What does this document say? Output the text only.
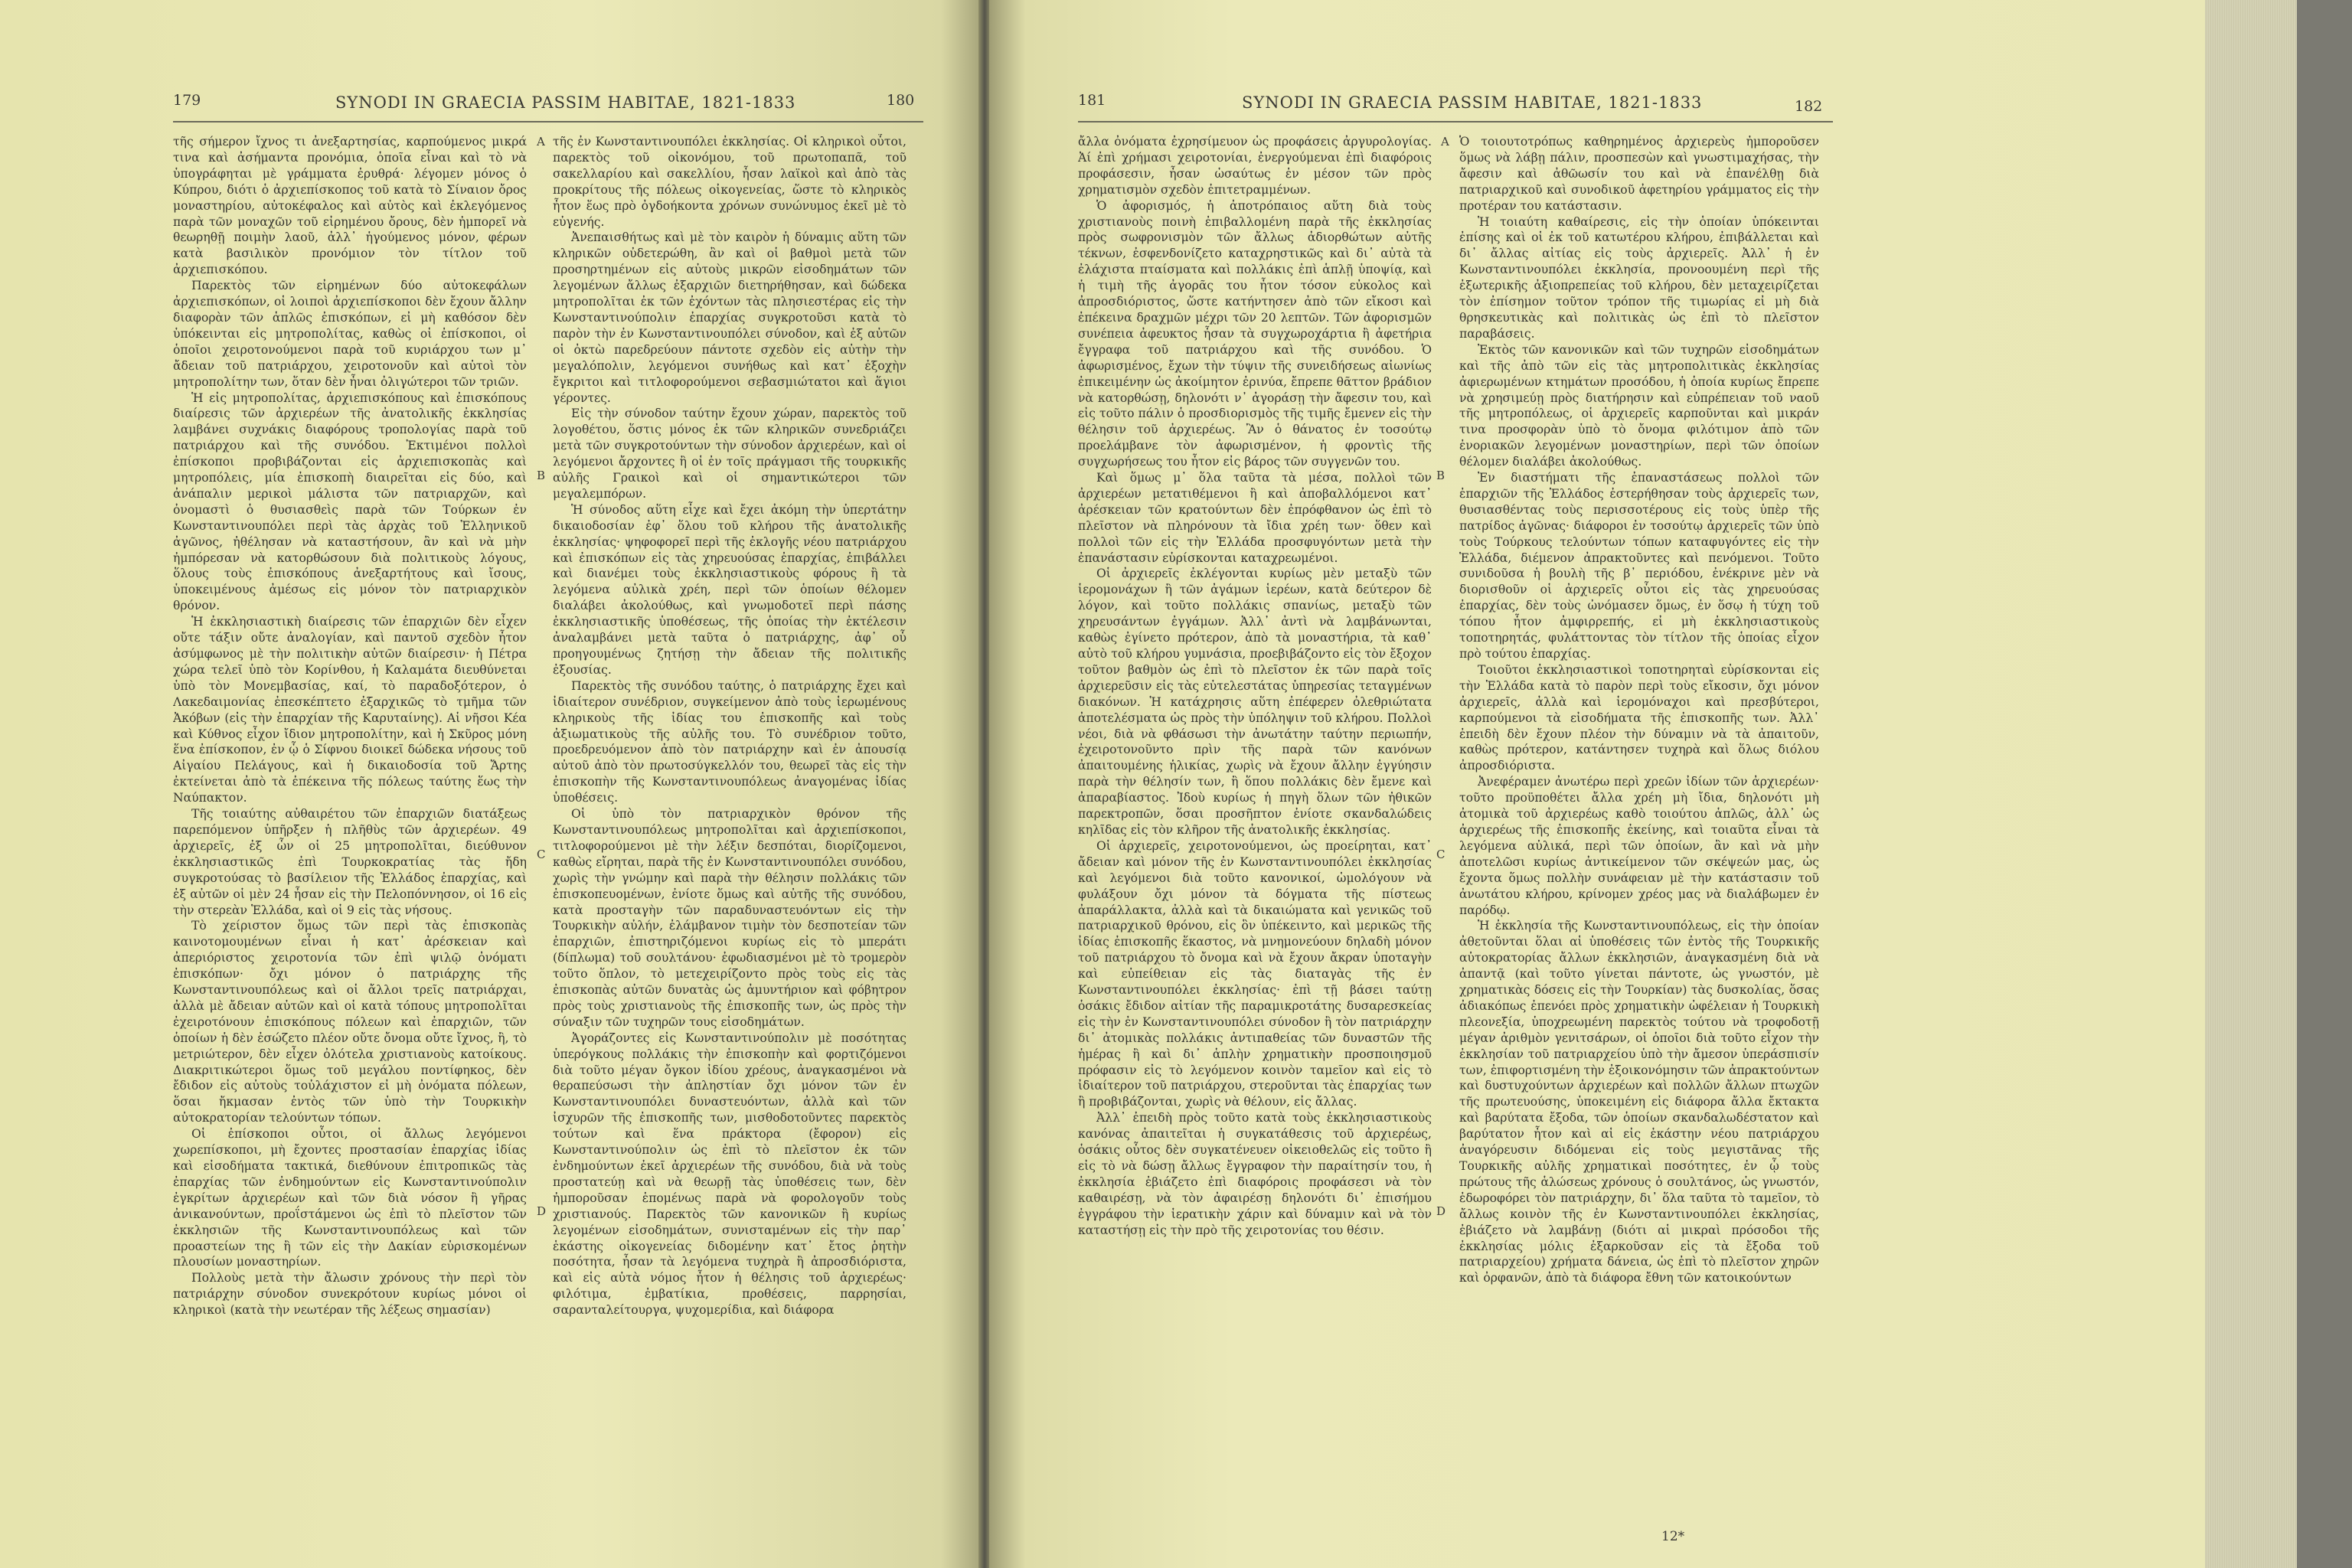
179	SYNODI IN GRAECIA PASSIM HABITAE, 1821-1833	180

τῆς σήμερον ἴχνος τι ἀνεξαρτησίας, καρπούμενος μικρά τινα καὶ ἀσήμαντα προνόμια, ὁποῖα εἶναι καὶ τὸ νὰ ὑπογράφηται μὲ γράμματα ἐρυθρά· λέγομεν μόνος ὁ Κύπρου, διότι ὁ ἀρχιεπίσκοπος τοῦ κατὰ τὸ Σίναιον ὄρος μοναστηρίου, αὐτοκέφαλος καὶ αὐτὸς καὶ ἐκλεγόμενος παρὰ τῶν μοναχῶν τοῦ εἰρημένου ὄρους, δὲν ἠμπορεῖ νὰ θεωρηθῇ ποιμὴν λαοῦ, ἀλλ᾽ ἡγούμενος μόνον, φέρων κατὰ βασιλικὸν προνόμιον τὸν τίτλον τοῦ ἀρχιεπισκόπου.

Παρεκτὸς τῶν εἰρημένων δύο αὐτοκεφάλων ἀρχιεπισκόπων, οἱ λοιποὶ ἀρχιεπίσκοποι δὲν ἔχουν ἄλλην διαφορὰν τῶν ἁπλῶς ἐπισκόπων, εἰ μὴ καθόσον δὲν ὑπόκεινται εἰς μητροπολίτας, καθὼς οἱ ἐπίσκοποι, οἱ ὁποῖοι χειροτονούμενοι παρὰ τοῦ κυριάρχου των μ᾽ ἄδειαν τοῦ πατριάρχου, χειροτονοῦν καὶ αὐτοὶ τὸν μητροπολίτην των, ὅταν δὲν ἦναι ὀλιγώτεροι τῶν τριῶν.

Ἡ εἰς μητροπολίτας, ἀρχιεπισκόπους καὶ ἐπισκόπους διαίρεσις τῶν ἀρχιερέων τῆς ἀνατολικῆς ἐκκλησίας λαμβάνει συχνάκις διαφόρους τροπολογίας παρὰ τοῦ πατριάρχου καὶ τῆς συνόδου. Ἐκτιμένοι πολλοὶ ἐπίσκοποι προβιβάζονται εἰς ἀρχιεπισκοπὰς καὶ μητροπόλεις, μία ἐπισκοπὴ διαιρεῖται εἰς δύο, καὶ ἀνάπαλιν μερικοὶ μάλιστα τῶν πατριαρχῶν, καὶ ὀνομαστὶ ὁ θυσιασθεὶς παρὰ τῶν Τούρκων ἐν Κωνσταντινουπόλει περὶ τὰς ἀρχὰς τοῦ Ἑλληνικοῦ ἀγῶνος, ἠθέλησαν νὰ καταστήσουν, ἂν καὶ νὰ μὴν ἠμπόρεσαν νὰ κατορθώσουν διὰ πολιτικοὺς λόγους, ὅλους τοὺς ἐπισκόπους ἀνεξαρτήτους καὶ ἴσους, ὑποκειμένους ἀμέσως εἰς μόνον τὸν πατριαρχικὸν θρόνον.

Ἡ ἐκκλησιαστικὴ διαίρεσις τῶν ἐπαρχιῶν δὲν εἶχεν οὔτε τάξιν οὔτε ἀναλογίαν, καὶ παντοῦ σχεδὸν ἦτον ἀσύμφωνος μὲ τὴν πολιτικὴν αὐτῶν διαίρεσιν· ἡ Πέτρα χώρα τελεῖ ὑπὸ τὸν Κορίνθου, ἡ Καλαμάτα διευθύνεται ὑπὸ τὸν Μονεμβασίας, καί, τὸ παραδοξότερον, ὁ Λακεδαιμονίας ἐπεσκέπτετο ἐξαρχικῶς τὸ τμῆμα τῶν Ἀκόβων (εἰς τὴν ἐπαρχίαν τῆς Καρυταίνης). Αἱ νῆσοι Κέα καὶ Κύθνος εἶχον ἴδιον μητροπολίτην, καὶ ἡ Σκῦρος μόνη ἕνα ἐπίσκοπον, ἐν ᾧ ὁ Σίφνου διοικεῖ δώδεκα νήσους τοῦ Αἰγαίου Πελάγους, καὶ ἡ δικαιοδοσία τοῦ Ἄρτης ἐκτείνεται ἀπὸ τὰ ἐπέκεινα τῆς πόλεως ταύτης ἕως τὴν Ναύπακτον.

Τῆς τοιαύτης αὐθαιρέτου τῶν ἐπαρχιῶν διατάξεως παρεπόμενον ὑπῆρξεν ἡ πλῆθὺς τῶν ἀρχιερέων. 49 ἀρχιερεῖς, ἐξ ὧν οἱ 25 μητροπολῖται, διεύθυνον ἐκκλησιαστικῶς ἐπὶ Τουρκοκρατίας τὰς ἤδη συγκροτούσας τὸ βασίλειον τῆς Ἑλλάδος ἐπαρχίας, καὶ ἐξ αὐτῶν οἱ μὲν 24 ἦσαν εἰς τὴν Πελοπόννησον, οἱ 16 εἰς τὴν στερεὰν Ἑλλάδα, καὶ οἱ 9 εἰς τὰς νήσους.

Τὸ χείριστον ὅμως τῶν περὶ τὰς ἐπισκοπὰς καινοτομουμένων εἶναι ἡ κατ᾽ ἀρέσκειαν καὶ ἀπεριόριστος χειροτονία τῶν ἐπὶ ψιλῷ ὀνόματι ἐπισκόπων· ὄχι μόνον ὁ πατριάρχης τῆς Κωνσταντινουπόλεως καὶ οἱ ἄλλοι τρεῖς πατριάρχαι, ἀλλὰ μὲ ἄδειαν αὐτῶν καὶ οἱ κατὰ τόπους μητροπολῖται ἐχειροτόνουν ἐπισκόπους πόλεων καὶ ἐπαρχιῶν, τῶν ὁποίων ἡ δὲν ἐσώζετο πλέον οὔτε ὄνομα οὔτε ἴχνος, ἢ, τὸ μετριώτερον, δὲν εἶχεν ὀλότελα χριστιανοὺς κατοίκους. Διακριτικώτεροι ὅμως τοῦ μεγάλου ποντίφηκος, δὲν ἔδιδον εἰς αὐτοὺς τοὐλάχιστον εἰ μὴ ὀνόματα πόλεων, ὅσαι ἤκμασαν ἐντὸς τῶν ὑπὸ τὴν Τουρκικὴν αὐτοκρατορίαν τελούντων τόπων.

Οἱ ἐπίσκοποι οὗτοι, οἱ ἄλλως λεγόμενοι χωρεπίσκοποι, μὴ ἔχοντες προστασίαν ἐπαρχίας ἰδίας καὶ εἰσοδήματα τακτικά, διεθύνουν ἐπιτροπικῶς τὰς ἐπαρχίας τῶν ἐνδημούντων εἰς Κωνσταντινούπολιν ἐγκρίτων ἀρχιερέων καὶ τῶν διὰ νόσον ἢ γῆρας ἀνικανούντων, προΐστάμενοι ὡς ἐπὶ τὸ πλεῖστον τῶν ἐκκλησιῶν τῆς Κωνσταντινουπόλεως καὶ τῶν προαστείων της ἢ τῶν εἰς τὴν Δακίαν εὑρισκομένων πλουσίων μοναστηρίων.

Πολλοὺς μετὰ τὴν ἄλωσιν χρόνους τὴν περὶ τὸν πατριάρχην σύνοδον συνεκρότουν κυρίως μόνοι οἱ κληρικοὶ (κατὰ τὴν νεωτέραν τῆς λέξεως σημασίαν)

A
B
C
D

τῆς ἐν Κωνσταντινουπόλει ἐκκλησίας. Οἱ κληρικοὶ οὗτοι, παρεκτὸς τοῦ οἰκονόμου, τοῦ πρωτοπαπᾶ, τοῦ σακελλαρίου καὶ σακελλίου, ἦσαν λαϊκοὶ καὶ ἀπὸ τὰς προκρίτους τῆς πόλεως οἰκογενείας, ὥστε τὸ κληρικὸς ἦτον ἕως πρὸ ὀγδοήκοντα χρόνων συνώνυμος ἐκεῖ μὲ τὸ εὐγενής.

Ἀνεπαισθήτως καὶ μὲ τὸν καιρὸν ἡ δύναμις αὕτη τῶν κληρικῶν οὐδετερώθη, ἂν καὶ οἱ βαθμοὶ μετὰ τῶν προσηρτημένων εἰς αὐτοὺς μικρῶν εἰσοδημάτων τῶν λεγομένων ἄλλως ἐξαρχιῶν διετηρήθησαν, καὶ δώδεκα μητροπολῖται ἐκ τῶν ἐχόντων τὰς πλησιεστέρας εἰς τὴν Κωνσταντινούπολιν ἐπαρχίας συγκροτοῦσι κατὰ τὸ παρὸν τὴν ἐν Κωνσταντινουπόλει σύνοδον, καὶ ἐξ αὐτῶν οἱ ὀκτὼ παρεδρεύουν πάντοτε σχεδὸν εἰς αὐτὴν τὴν μεγαλόπολιν, λεγόμενοι συνήθως καὶ κατ᾽ ἐξοχὴν ἔγκριτοι καὶ τιτλοφορούμενοι σεβασμιώτατοι καὶ ἅγιοι γέροντες.

Εἰς τὴν σύνοδον ταύτην ἔχουν χώραν, παρεκτὸς τοῦ λογοθέτου, ὅστις μόνος ἐκ τῶν κληρικῶν συνεδριάζει μετὰ τῶν συγκροτούντων τὴν σύνοδον ἀρχιερέων, καὶ οἱ λεγόμενοι ἄρχοντες ἢ οἱ ἐν τοῖς πράγμασι τῆς τουρκικῆς αὐλῆς Γραικοὶ καὶ οἱ σημαντικώτεροι τῶν μεγαλεμπόρων.

Ἡ σύνοδος αὕτη εἶχε καὶ ἔχει ἀκόμη τὴν ὑπερτάτην δικαιοδοσίαν ἐφ᾽ ὅλου τοῦ κλήρου τῆς ἀνατολικῆς ἐκκλησίας· ψηφοφορεῖ περὶ τῆς ἐκλογῆς νέου πατριάρχου καὶ ἐπισκόπων εἰς τὰς χηρευούσας ἐπαρχίας, ἐπιβάλλει καὶ διανέμει τοὺς ἐκκλησιαστικοὺς φόρους ἢ τὰ λεγόμενα αὐλικὰ χρέη, περὶ τῶν ὁποίων θέλομεν διαλάβει ἀκολούθως, καὶ γνωμοδοτεῖ περὶ πάσης ἐκκλησιαστικῆς ὑποθέσεως, τῆς ὁποίας τὴν ἐκτέλεσιν ἀναλαμβάνει μετὰ ταῦτα ὁ πατριάρχης, ἀφ᾽ οὗ προηγουμένως ζητήσῃ τὴν ἄδειαν τῆς πολιτικῆς ἐξουσίας.

Παρεκτὸς τῆς συνόδου ταύτης, ὁ πατριάρχης ἔχει καὶ ἰδιαίτερον συνέδριον, συγκείμενον ἀπὸ τοὺς ἱερωμένους κληρικοὺς τῆς ἰδίας του ἐπισκοπῆς καὶ τοὺς ἀξιωματικοὺς τῆς αὐλῆς του. Τὸ συνέδριον τοῦτο, προεδρευόμενον ἀπὸ τὸν πατριάρχην καὶ ἐν ἀπουσίᾳ αὐτοῦ ἀπὸ τὸν πρωτοσύγκελλόν του, θεωρεῖ τὰς εἰς τὴν ἐπισκοπὴν τῆς Κωνσταντινουπόλεως ἀναγομένας ἰδίας ὑποθέσεις.

Οἱ ὑπὸ τὸν πατριαρχικὸν θρόνον τῆς Κωνσταντινουπόλεως μητροπολῖται καὶ ἀρχιεπίσκοποι, τιτλοφορούμενοι μὲ τὴν λέξιν δεσπόται, διορίζομενοι, καθὼς εἴρηται, παρὰ τῆς ἐν Κωνσταντινουπόλει συνόδου, χωρὶς τὴν γνώμην καὶ παρὰ τὴν θέλησιν πολλάκις τῶν ἐπισκοπευομένων, ἐνίοτε ὅμως καὶ αὐτῆς τῆς συνόδου, κατὰ προσταγὴν τῶν παραδυναστευόντων εἰς τὴν Τουρκικὴν αὐλήν, ἐλάμβανον τιμὴν τὸν δεσποτείαν τῶν ἐπαρχιῶν, ἐπιστηριζόμενοι κυρίως εἰς τὸ μπεράτι (δίπλωμα) τοῦ σουλτάνου· ἐφωδιασμένοι μὲ τὸ τρομερὸν τοῦτο ὅπλον, τὸ μετεχειρίζοντο πρὸς τοὺς εἰς τὰς ἐπισκοπὰς αὐτῶν δυνατὰς ὡς ἀμυντήριον καὶ φόβητρον πρὸς τοὺς χριστιανοὺς τῆς ἐπισκοπῆς των, ὡς πρὸς τὴν σύναξιν τῶν τυχηρῶν τους εἰσοδημάτων.

Ἀγοράζοντες εἰς Κωνσταντινούπολιν μὲ ποσότητας ὑπερόγκους πολλάκις τὴν ἐπισκοπὴν καὶ φορτιζόμενοι διὰ τοῦτο μέγαν ὄγκον ἰδίου χρέους, ἀναγκασμένοι νὰ θεραπεύσωσι τὴν ἀπληστίαν ὄχι μόνον τῶν ἐν Κωνσταντινουπόλει δυναστευόντων, ἀλλὰ καὶ τῶν ἰσχυρῶν τῆς ἐπισκοπῆς των, μισθοδοτοῦντες παρεκτὸς τούτων καὶ ἕνα πράκτορα (ἔφορον) εἰς Κωνσταντινούπολιν ὡς ἐπὶ τὸ πλεῖστον ἐκ τῶν ἐνδημούντων ἐκεῖ ἀρχιερέων τῆς συνόδου, διὰ νὰ τοὺς προστατεύῃ καὶ νὰ θεωρῇ τὰς ὑποθέσεις των, δὲν ἠμποροῦσαν ἑπομένως παρὰ νὰ φορολογοῦν τοὺς χριστιανούς. Παρεκτὸς τῶν κανονικῶν ἢ κυρίως λεγομένων εἰσοδημάτων, συνισταμένων εἰς τὴν παρ᾽ ἑκάστης οἰκογενείας διδομένην κατ᾽ ἔτος ῥητὴν ποσότητα, ἦσαν τὰ λεγόμενα τυχηρὰ ἢ ἀπροσδιόριστα, καὶ εἰς αὐτὰ νόμος ἦτον ἡ θέλησις τοῦ ἀρχιερέως· φιλότιμα, ἐμβατίκια, προθέσεις, παρρησίαι, σαρανταλείτουργα, ψυχομερίδια, καὶ διάφορα

181	SYNODI IN GRAECIA PASSIM HABITAE, 1821-1833	182

ἄλλα ὀνόματα ἐχρησίμευον ὡς προφάσεις ἀργυρολογίας. Ἀί ἐπὶ χρήμασι χειροτονίαι, ἐνεργούμεναι ἐπὶ διαφόροις προφάσεσιν, ἦσαν ὡσαύτως ἐν μέσον τῶν πρὸς χρηματισμὸν σχεδὸν ἐπιτετραμμένων.

Ὁ ἀφορισμός, ἡ ἀποτρόπαιος αὕτη διὰ τοὺς χριστιανοὺς ποινὴ ἐπιβαλλομένη παρὰ τῆς ἐκκλησίας πρὸς σωφρονισμὸν τῶν ἄλλως ἀδιορθώτων αὐτῆς τέκνων, ἐσφενδονίζετο καταχρηστικῶς καὶ δι᾽ αὐτὰ τὰ ἐλάχιστα πταίσματα καὶ πολλάκις ἐπὶ ἁπλῇ ὑποψίᾳ, καὶ ἡ τιμὴ τῆς ἀγορᾶς του ἦτον τόσον εὐκολος καὶ ἀπροσδιόριστος, ὥστε κατήντησεν ἀπὸ τῶν εἴκοσι καὶ ἐπέκεινα δραχμῶν μέχρι τῶν 20 λεπτῶν. Τῶν ἀφορισμῶν συνέπεια ἀφευκτος ἦσαν τὰ συγχωροχάρτια ἢ ἀφετήρια ἔγγραφα τοῦ πατριάρχου καὶ τῆς συνόδου. Ὁ ἀφωρισμένος, ἔχων τὴν τύψιν τῆς συνειδήσεως αἰωνίως ἐπικειμένην ὡς ἀκοίμητον ἐρινύα, ἔπρεπε θᾶττον βράδιον νὰ κατορθώσῃ, δηλονότι ν᾽ ἀγοράσῃ τὴν ἄφεσιν του, καὶ εἰς τοῦτο πάλιν ὁ προσδιορισμὸς τῆς τιμῆς ἔμενεν εἰς τὴν θέλησιν τοῦ ἀρχιερέως. Ἂν ὁ θάνατος ἐν τοσούτῳ προελάμβανε τὸν ἀφωρισμένον, ἡ φροντὶς τῆς συγχωρήσεως του ἦτον εἰς βάρος τῶν συγγενῶν του.

Καὶ ὅμως μ᾽ ὅλα ταῦτα τὰ μέσα, πολλοὶ τῶν ἀρχιερέων μετατιθέμενοι ἢ καὶ ἀποβαλλόμενοι κατ᾽ ἀρέσκειαν τῶν κρατούντων δὲν ἐπρόφθανον ὡς ἐπὶ τὸ πλεῖστον νὰ πληρόνουν τὰ ἴδια χρέη των· ὅθεν καὶ πολλοὶ τῶν εἰς τὴν Ἑλλάδα προσφυγόντων μετὰ τὴν ἐπανάστασιν εὑρίσκονται καταχρεωμένοι.

Οἱ ἀρχιερεῖς ἐκλέγονται κυρίως μὲν μεταξὺ τῶν ἱερομονάχων ἢ τῶν ἀγάμων ἱερέων, κατὰ δεύτερον δὲ λόγον, καὶ τοῦτο πολλάκις σπανίως, μεταξὺ τῶν χηρευσάντων ἐγγάμων. Ἀλλ᾽ ἀντὶ νὰ λαμβάνωνται, καθὼς ἐγίνετο πρότερον, ἀπὸ τὰ μοναστήρια, τὰ καθ᾽ αὐτὸ τοῦ κλήρου γυμνάσια, προεβιβάζοντο εἰς τὸν ἔξοχον τοῦτον βαθμὸν ὡς ἐπὶ τὸ πλεῖστον ἐκ τῶν παρὰ τοῖς ἀρχιερεῦσιν εἰς τὰς εὐτελεστάτας ὑπηρεσίας τεταγμένων διακόνων. Ἡ κατάχρησις αὕτη ἐπέφερεν ὀλεθριώτατα ἀποτελέσματα ὡς πρὸς τὴν ὑπόληψιν τοῦ κλήρου. Πολλοὶ νέοι, διὰ νὰ φθάσωσι τὴν ἀνωτάτην ταύτην περιωπήν, ἐχειροτονοῦντο πρὶν τῆς παρὰ τῶν κανόνων ἀπαιτουμένης ἡλικίας, χωρὶς νὰ ἔχουν ἄλλην ἐγγύησιν παρὰ τὴν θέλησίν των, ἢ ὅπου πολλάκις δὲν ἔμενε καὶ ἀπαραβίαστος. Ἰδοὺ κυρίως ἡ πηγὴ ὅλων τῶν ἠθικῶν παρεκτροπῶν, ὅσαι προσῆπτον ἐνίοτε σκανδαλώδεις κηλῖδας εἰς τὸν κλῆρον τῆς ἀνατολικῆς ἐκκλησίας.

Οἱ ἀρχιερεῖς, χειροτονούμενοι, ὡς προείρηται, κατ᾽ ἄδειαν καὶ μόνον τῆς ἐν Κωνσταντινουπόλει ἐκκλησίας καὶ λεγόμενοι διὰ τοῦτο κανονικοί, ὡμολόγουν νὰ φυλάξουν ὄχι μόνον τὰ δόγματα τῆς πίστεως ἀπαράλλακτα, ἀλλὰ καὶ τὰ δικαιώματα καὶ γενικῶς τοῦ πατριαρχικοῦ θρόνου, εἰς ὃν ὑπέκειντο, καὶ μερικῶς τῆς ἰδίας ἐπισκοπῆς ἕκαστος, νὰ μνημονεύουν δηλαδὴ μόνον τοῦ πατριάρχου τὸ ὄνομα καὶ νὰ ἔχουν ἄκραν ὑποταγὴν καὶ εὐπείθειαν εἰς τὰς διαταγὰς τῆς ἐν Κωνσταντινουπόλει ἐκκλησίας· ἐπὶ τῇ βάσει ταύτῃ ὁσάκις ἔδιδον αἰτίαν τῆς παραμικροτάτης δυσαρεσκείας εἰς τὴν ἐν Κωνσταντινουπόλει σύνοδον ἢ τὸν πατριάρχην δι᾽ ἀτομικὰς πολλάκις ἀντιπαθείας τῶν δυναστῶν τῆς ἡμέρας ἢ καὶ δι᾽ ἁπλὴν χρηματικὴν προσποιησμοῦ πρόφασιν εἰς τὸ λεγόμενον κοινὸν ταμεῖον καὶ εἰς τὸ ἰδιαίτερον τοῦ πατριάρχου, στεροῦνται τὰς ἐπαρχίας των ἢ προβιβάζονται, χωρὶς νὰ θέλουν, εἰς ἄλλας.

Ἀλλ᾽ ἐπειδὴ πρὸς τοῦτο κατὰ τοὺς ἐκκλησιαστικοὺς κανόνας ἀπαιτεῖται ἡ συγκατάθεσις τοῦ ἀρχιερέως, ὁσάκις οὗτος δὲν συγκατένευεν οἰκειοθελῶς εἰς τοῦτο ἢ εἰς τὸ νὰ δώσῃ ἄλλως ἔγγραφον τὴν παραίτησίν του, ἡ ἐκκλησία ἐβιάζετο ἐπὶ διαφόροις προφάσεσι νὰ τὸν καθαιρέσῃ, νὰ τὸν ἀφαιρέσῃ δηλονότι δι᾽ ἐπισήμου ἐγγράφου τὴν ἱερατικὴν χάριν καὶ δύναμιν καὶ νὰ τὸν καταστήσῃ εἰς τὴν πρὸ τῆς χειροτονίας του θέσιν.

A
B
C
D

Ὁ τοιουτοτρόπως καθηρημένος ἀρχιερεὺς ἠμποροῦσεν ὅμως νὰ λάβῃ πάλιν, προσπεσὼν καὶ γνωστιμαχήσας, τὴν ἄφεσιν καὶ ἀθῶωσίν του καὶ νὰ ἐπανέλθῃ διὰ πατριαρχικοῦ καὶ συνοδικοῦ ἀφετηρίου γράμματος εἰς τὴν προτέραν του κατάστασιν.

Ἡ τοιαύτη καθαίρεσις, εἰς τὴν ὁποίαν ὑπόκεινται ἐπίσης καὶ οἱ ἐκ τοῦ κατωτέρου κλήρου, ἐπιβάλλεται καὶ δι᾽ ἄλλας αἰτίας εἰς τοὺς ἀρχιερεῖς. Ἀλλ᾽ ἡ ἐν Κωνσταντινουπόλει ἐκκλησία, προνοουμένη περὶ τῆς ἐξωτερικῆς ἀξιοπρεπείας τοῦ κλήρου, δὲν μεταχειρίζεται τὸν ἐπίσημον τοῦτον τρόπον τῆς τιμωρίας εἰ μὴ διὰ θρησκευτικὰς καὶ πολιτικὰς ὡς ἐπὶ τὸ πλεῖστον παραβάσεις.

Ἐκτὸς τῶν κανονικῶν καὶ τῶν τυχηρῶν εἰσοδημάτων καὶ τῆς ἀπὸ τῶν εἰς τὰς μητροπολιτικὰς ἐκκλησίας ἀφιερωμένων κτημάτων προσόδου, ἡ ὁποία κυρίως ἔπρεπε νὰ χρησιμεύῃ πρὸς διατήρησιν καὶ εὐπρέπειαν τοῦ ναοῦ τῆς μητροπόλεως, οἱ ἀρχιερεῖς καρποῦνται καὶ μικράν τινα προσφορὰν ὑπὸ τὸ ὄνομα φιλότιμον ἀπὸ τῶν ἐνοριακῶν λεγομένων μοναστηρίων, περὶ τῶν ὁποίων θέλομεν διαλάβει ἀκολούθως.

Ἐν διαστήματι τῆς ἐπαναστάσεως πολλοὶ τῶν ἐπαρχιῶν τῆς Ἑλλάδος ἐστερήθησαν τοὺς ἀρχιερεῖς των, θυσιασθέντας τοὺς περισσοτέρους εἰς τοὺς ὑπὲρ τῆς πατρίδος ἀγῶνας· διάφοροι ἐν τοσούτῳ ἀρχιερεῖς τῶν ὑπὸ τοὺς Τούρκους τελούντων τόπων καταφυγόντες εἰς τὴν Ἑλλάδα, διέμενον ἀπρακτοῦντες καὶ πενόμενοι. Τοῦτο συνιδοῦσα ἡ βουλὴ τῆς β᾽ περιόδου, ἐνέκρινε μὲν νὰ διορισθοῦν οἱ ἀρχιερεῖς οὗτοι εἰς τὰς χηρευούσας ἐπαρχίας, δὲν τοὺς ὠνόμασεν ὅμως, ἐν ὅσῳ ἡ τύχη τοῦ τόπου ἦτον ἀμφιρρεπής, εἰ μὴ ἐκκλησιαστικοὺς τοποτηρητάς, φυλάττοντας τὸν τίτλον τῆς ὁποίας εἶχον πρὸ τούτου ἐπαρχίας.

Τοιοῦτοι ἐκκλησιαστικοὶ τοποτηρηταὶ εὑρίσκονται εἰς τὴν Ἑλλάδα κατὰ τὸ παρὸν περὶ τοὺς εἴκοσιν, ὄχι μόνον ἀρχιερεῖς, ἀλλὰ καὶ ἱερομόναχοι καὶ πρεσβύτεροι, καρπούμενοι τὰ εἰσοδήματα τῆς ἐπισκοπῆς των. Ἀλλ᾽ ἐπειδὴ δὲν ἔχουν πλέον τὴν δύναμιν νὰ τὰ ἀπαιτοῦν, καθὼς πρότερον, κατάντησεν τυχηρὰ καὶ ὅλως διόλου ἀπροσδιόριστα.

Ἀνεφέραμεν ἀνωτέρω περὶ χρεῶν ἰδίων τῶν ἀρχιερέων· τοῦτο προϋποθέτει ἄλλα χρέη μὴ ἴδια, δηλονότι μὴ ἀτομικὰ τοῦ ἀρχιερέως καθὸ τοιούτου ἁπλῶς, ἀλλ᾽ ὡς ἀρχιερέως τῆς ἐπισκοπῆς ἐκείνης, καὶ τοιαῦτα εἶναι τὰ λεγόμενα αὐλικά, περὶ τῶν ὁποίων, ἂν καὶ νὰ μὴν ἀποτελῶσι κυρίως ἀντικείμενον τῶν σκέψεών μας, ὡς ἔχοντα ὅμως πολλὴν συνάφειαν μὲ τὴν κατάστασιν τοῦ ἀνωτάτου κλήρου, κρίνομεν χρέος μας νὰ διαλάβωμεν ἐν παρόδῳ.

Ἡ ἐκκλησία τῆς Κωνσταντινουπόλεως, εἰς τὴν ὁποίαν ἀθετοῦνται ὅλαι αἱ ὑποθέσεις τῶν ἐντὸς τῆς Τουρκικῆς αὐτοκρατορίας ἄλλων ἐκκλησιῶν, ἀναγκασμένη διὰ νὰ ἀπαντᾷ (καὶ τοῦτο γίνεται πάντοτε, ὡς γνωστόν, μὲ χρηματικὰς δόσεις εἰς τὴν Τουρκίαν) τὰς δυσκολίας, ὅσας ἀδιακόπως ἐπενόει πρὸς χρηματικὴν ὠφέλειαν ἡ Τουρκικὴ πλεονεξία, ὑποχρεωμένη παρεκτὸς τούτου νὰ τροφοδοτῇ μέγαν ἀριθμὸν γενιτσάρων, οἱ ὁποῖοι διὰ τοῦτο εἶχον τὴν ἐκκλησίαν τοῦ πατριαρχείου ὑπὸ τὴν ἄμεσον ὑπεράσπισίν των, ἐπιφορτισμένη τὴν ἐξοικονόμησιν τῶν ἀπρακτούντων καὶ δυστυχούντων ἀρχιερέων καὶ πολλῶν ἄλλων πτωχῶν τῆς πρωτευούσης, ὑποκειμένη εἰς διάφορα ἄλλα ἔκτακτα καὶ βαρύτατα ἔξοδα, τῶν ὁποίων σκανδαλωδέστατον καὶ βαρύτατον ἦτον καὶ αἱ εἰς ἑκάστην νέου πατριάρχου ἀναγόρευσιν διδόμεναι εἰς τοὺς μεγιστᾶνας τῆς Τουρκικῆς αὐλῆς χρηματικαὶ ποσότητες, ἐν ᾧ τοὺς πρώτους τῆς ἁλώσεως χρόνους ὁ σουλτάνος, ὡς γνωστόν, ἐδωροφόρει τὸν πατριάρχην, δι᾽ ὅλα ταῦτα τὸ ταμεῖον, τὸ ἄλλως κοινὸν τῆς ἐν Κωνσταντινουπόλει ἐκκλησίας, ἐβιάζετο νὰ λαμβάνῃ (διότι αἱ μικραὶ πρόσοδοι τῆς ἐκκλησίας μόλις ἐξαρκοῦσαν εἰς τὰ ἔξοδα τοῦ πατριαρχείου) χρήματα δάνεια, ὡς ἐπὶ τὸ πλεῖστον χηρῶν καὶ ὀρφανῶν, ἀπὸ τὰ διάφορα ἔθνη τῶν κατοικούντων

12*
